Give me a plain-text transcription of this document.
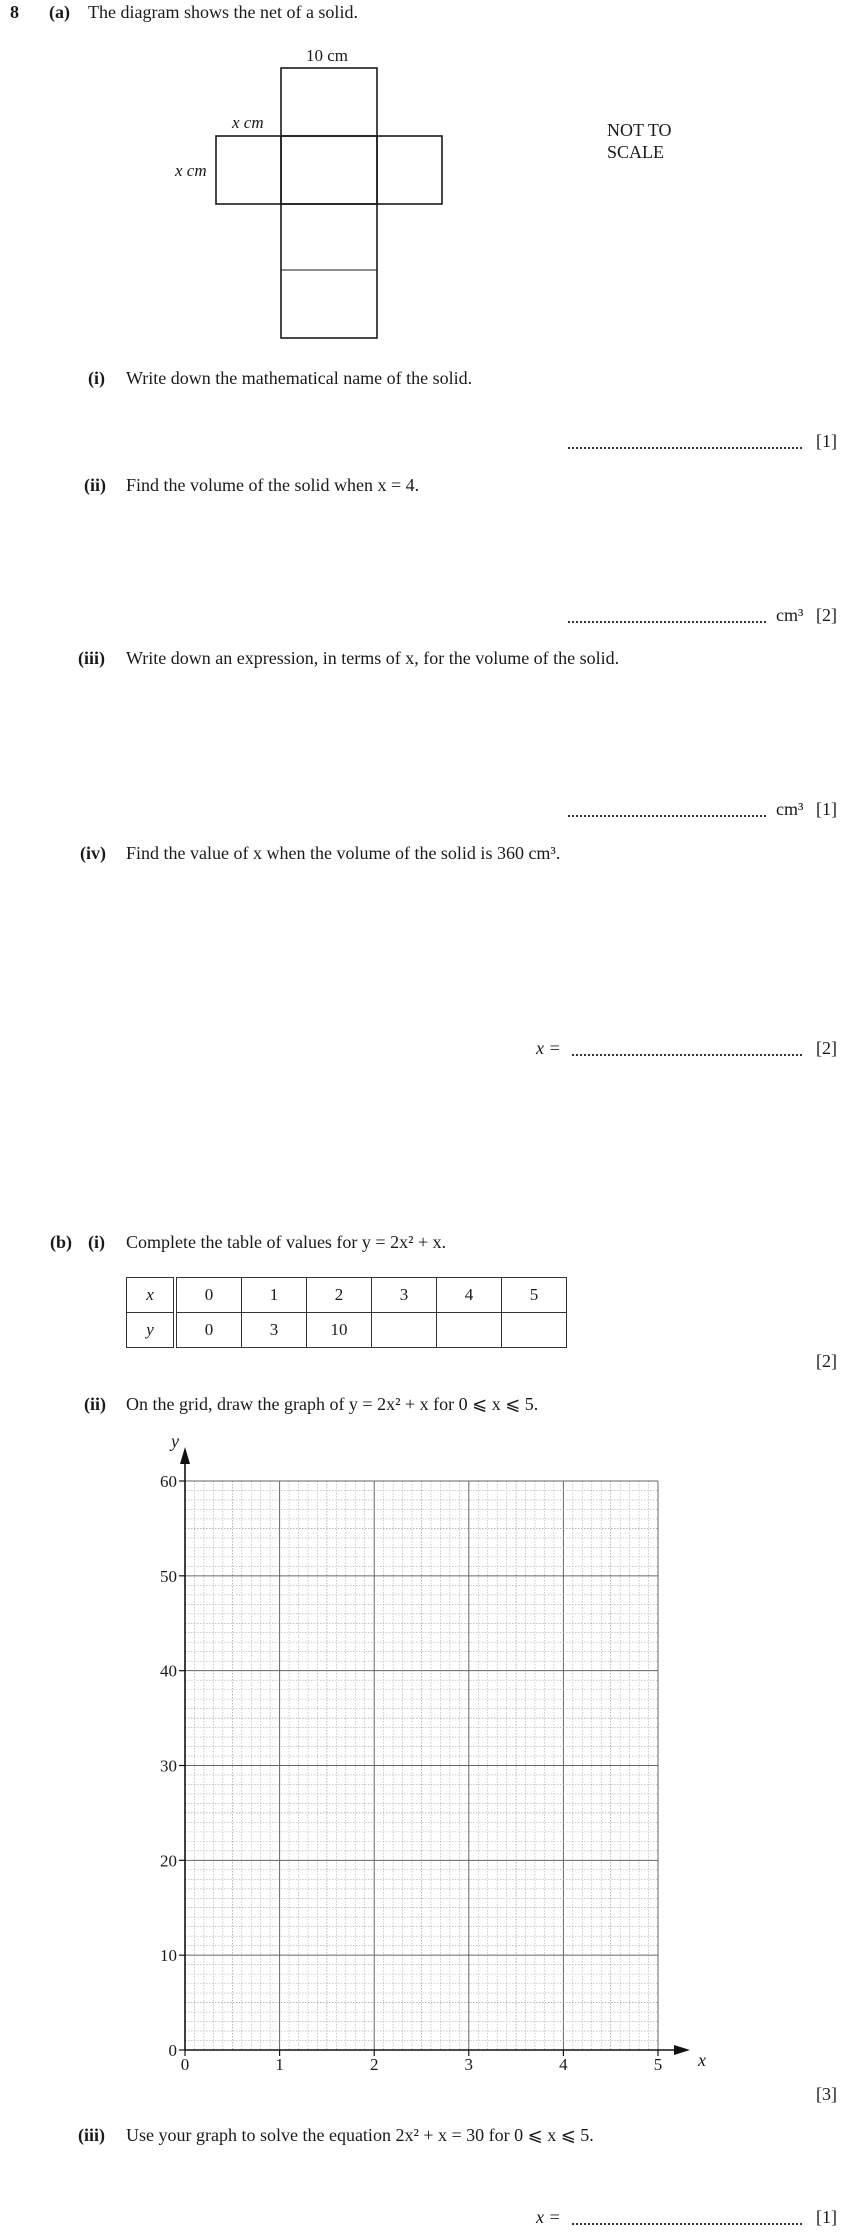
8 (a) The diagram shows the net of a solid.
10 cm
x cm
x cm
NOT TO
SCALE
(i) Write down the mathematical name of the solid.
[1]
(ii) Find the volume of the solid when x = 4.
cm³ [2]
(iii) Write down an expression, in terms of x, for the volume of the solid.
cm³ [1]
(iv) Find the value of x when the volume of the solid is 360 cm³.
x =	[2]
(b) (i) Complete the table of values for y = 2x² + x.
x	0	1	2	3	4	5
y	0	3	10			
[2]
(ii) On the grid, draw the graph of y = 2x² + x for 0 ⩽ x ⩽ 5.
0	1	2	3	4	5
0
10
20
30
40
50
60
x
y
[3]
(iii) Use your graph to solve the equation 2x² + x = 30 for 0 ⩽ x ⩽ 5.
x =	[1]
